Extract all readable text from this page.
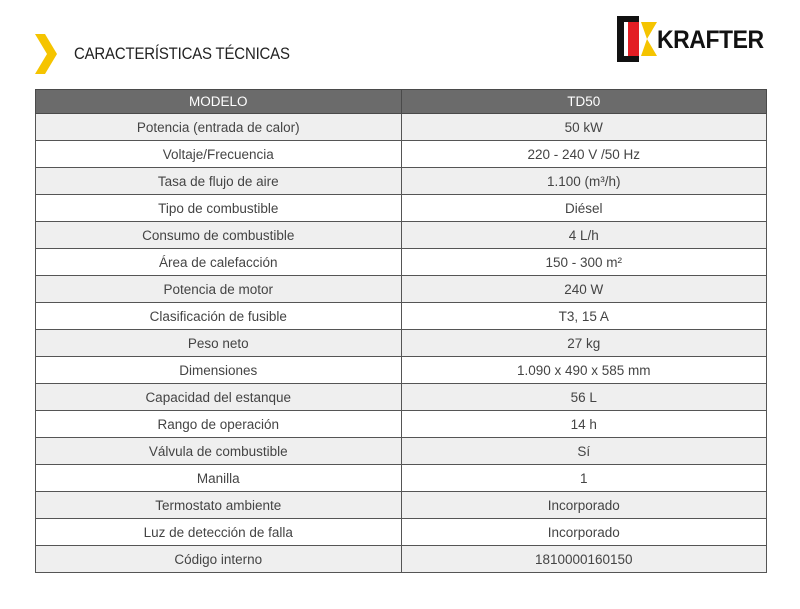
CARACTERÍSTICAS TÉCNICAS	KRAFTER
MODELO	TD50
Potencia (entrada de calor)	50 kW
Voltaje/Frecuencia	220 - 240 V /50 Hz
Tasa de flujo de aire	1.100 (m³/h)
Tipo de combustible	Diésel
Consumo de combustible	4 L/h
Área de calefacción	150 - 300 m²
Potencia de motor	240 W
Clasificación de fusible	T3, 15 A
Peso neto	27 kg
Dimensiones	1.090 x 490 x 585 mm
Capacidad del estanque	56 L
Rango de operación	14 h
Válvula de combustible	Sí
Manilla	1
Termostato ambiente	Incorporado
Luz de detección de falla	Incorporado
Código interno	1810000160150
